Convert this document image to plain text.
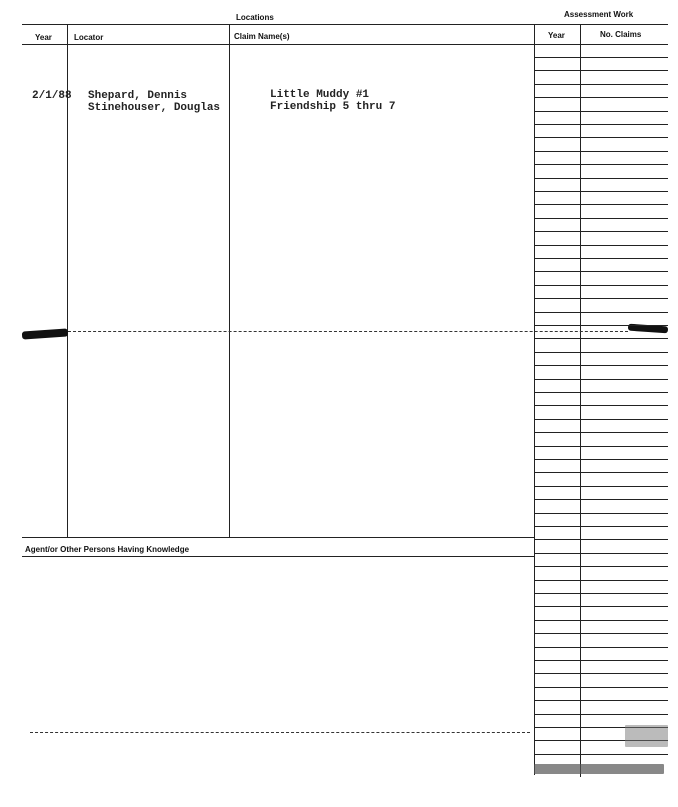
Locations	Assessment Work
Year	Locator	Claim Name(s)	Year	No. Claims
Agent/or Other Persons Having Knowledge
2/1/88 Shepard, Dennis	Little Muddy #1
Stinehouser, Douglas	Friendship 5 thru 7
